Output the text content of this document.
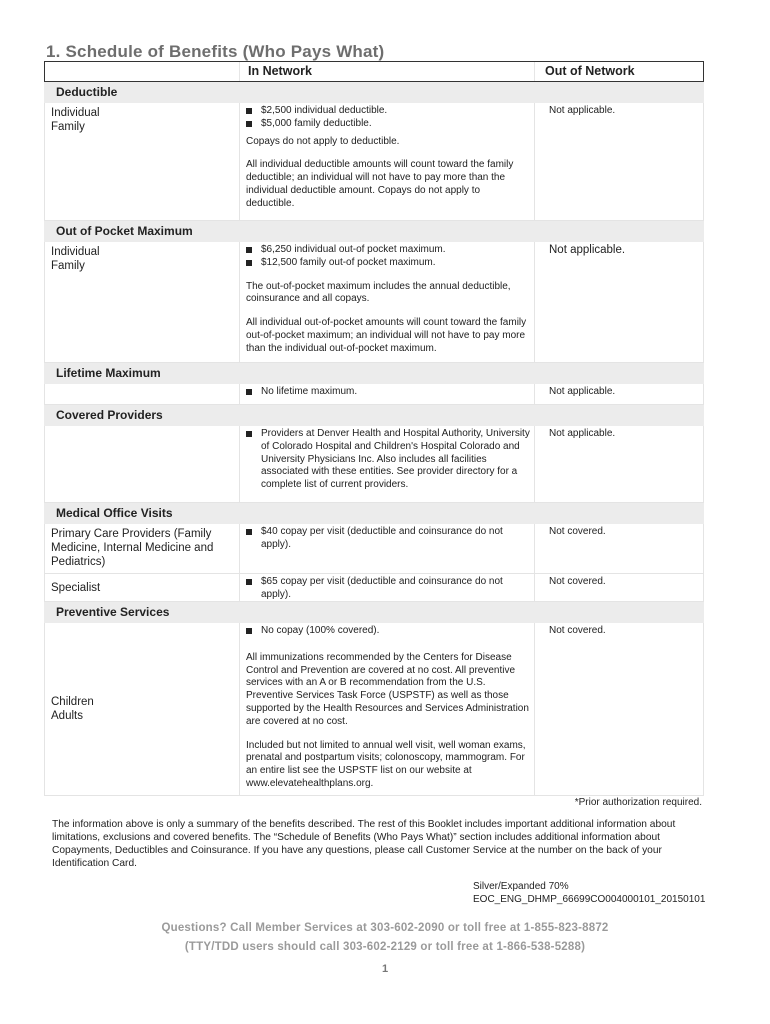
1. Schedule of Benefits (Who Pays What)
In Network	Out of Network
Deductible
Individual
Family
$2,500 individual deductible.
$5,000 family deductible.
Copays do not apply to deductible.
All individual deductible amounts will count toward the family deductible; an individual will not have to pay more than the individual deductible amount. Copays do not apply to deductible.
Not applicable.
Out of Pocket Maximum
Individual
Family
$6,250 individual out-of pocket maximum.
$12,500 family out-of pocket maximum.
The out-of-pocket maximum includes the annual deductible, coinsurance and all copays.
All individual out-of-pocket amounts will count toward the family out-of-pocket maximum; an individual will not have to pay more than the individual out-of-pocket maximum.
Not applicable.
Lifetime Maximum
No lifetime maximum.	Not applicable.
Covered Providers
Providers at Denver Health and Hospital Authority, University of Colorado Hospital and Children's Hospital Colorado and University Physicians Inc. Also includes all facilities associated with these entities. See provider directory for a complete list of current providers.
Not applicable.
Medical Office Visits
Primary Care Providers (Family Medicine, Internal Medicine and Pediatrics)
$40 copay per visit (deductible and coinsurance do not apply).
Not covered.
Specialist
$65 copay per visit (deductible and coinsurance do not apply).
Not covered.
Preventive Services
Children
Adults
No copay (100% covered).
All immunizations recommended by the Centers for Disease Control and Prevention are covered at no cost. All preventive services with an A or B recommendation from the U.S. Preventive Services Task Force (USPSTF) as well as those supported by the Health Resources and Services Administration are covered at no cost.
Included but not limited to annual well visit, well woman exams, prenatal and postpartum visits; colonoscopy, mammogram. For an entire list see the USPSTF list on our website at www.elevatehealthplans.org.
Not covered.
*Prior authorization required.
The information above is only a summary of the benefits described. The rest of this Booklet includes important additional information about limitations, exclusions and covered benefits. The “Schedule of Benefits (Who Pays What)” section includes additional information about Copayments, Deductibles and Coinsurance. If you have any questions, please call Customer Service at the number on the back of your Identification Card.
Silver/Expanded 70%
EOC_ENG_DHMP_66699CO004000101_20150101
Questions? Call Member Services at 303-602-2090 or toll free at 1-855-823-8872
(TTY/TDD users should call 303-602-2129 or toll free at 1-866-538-5288)
1
